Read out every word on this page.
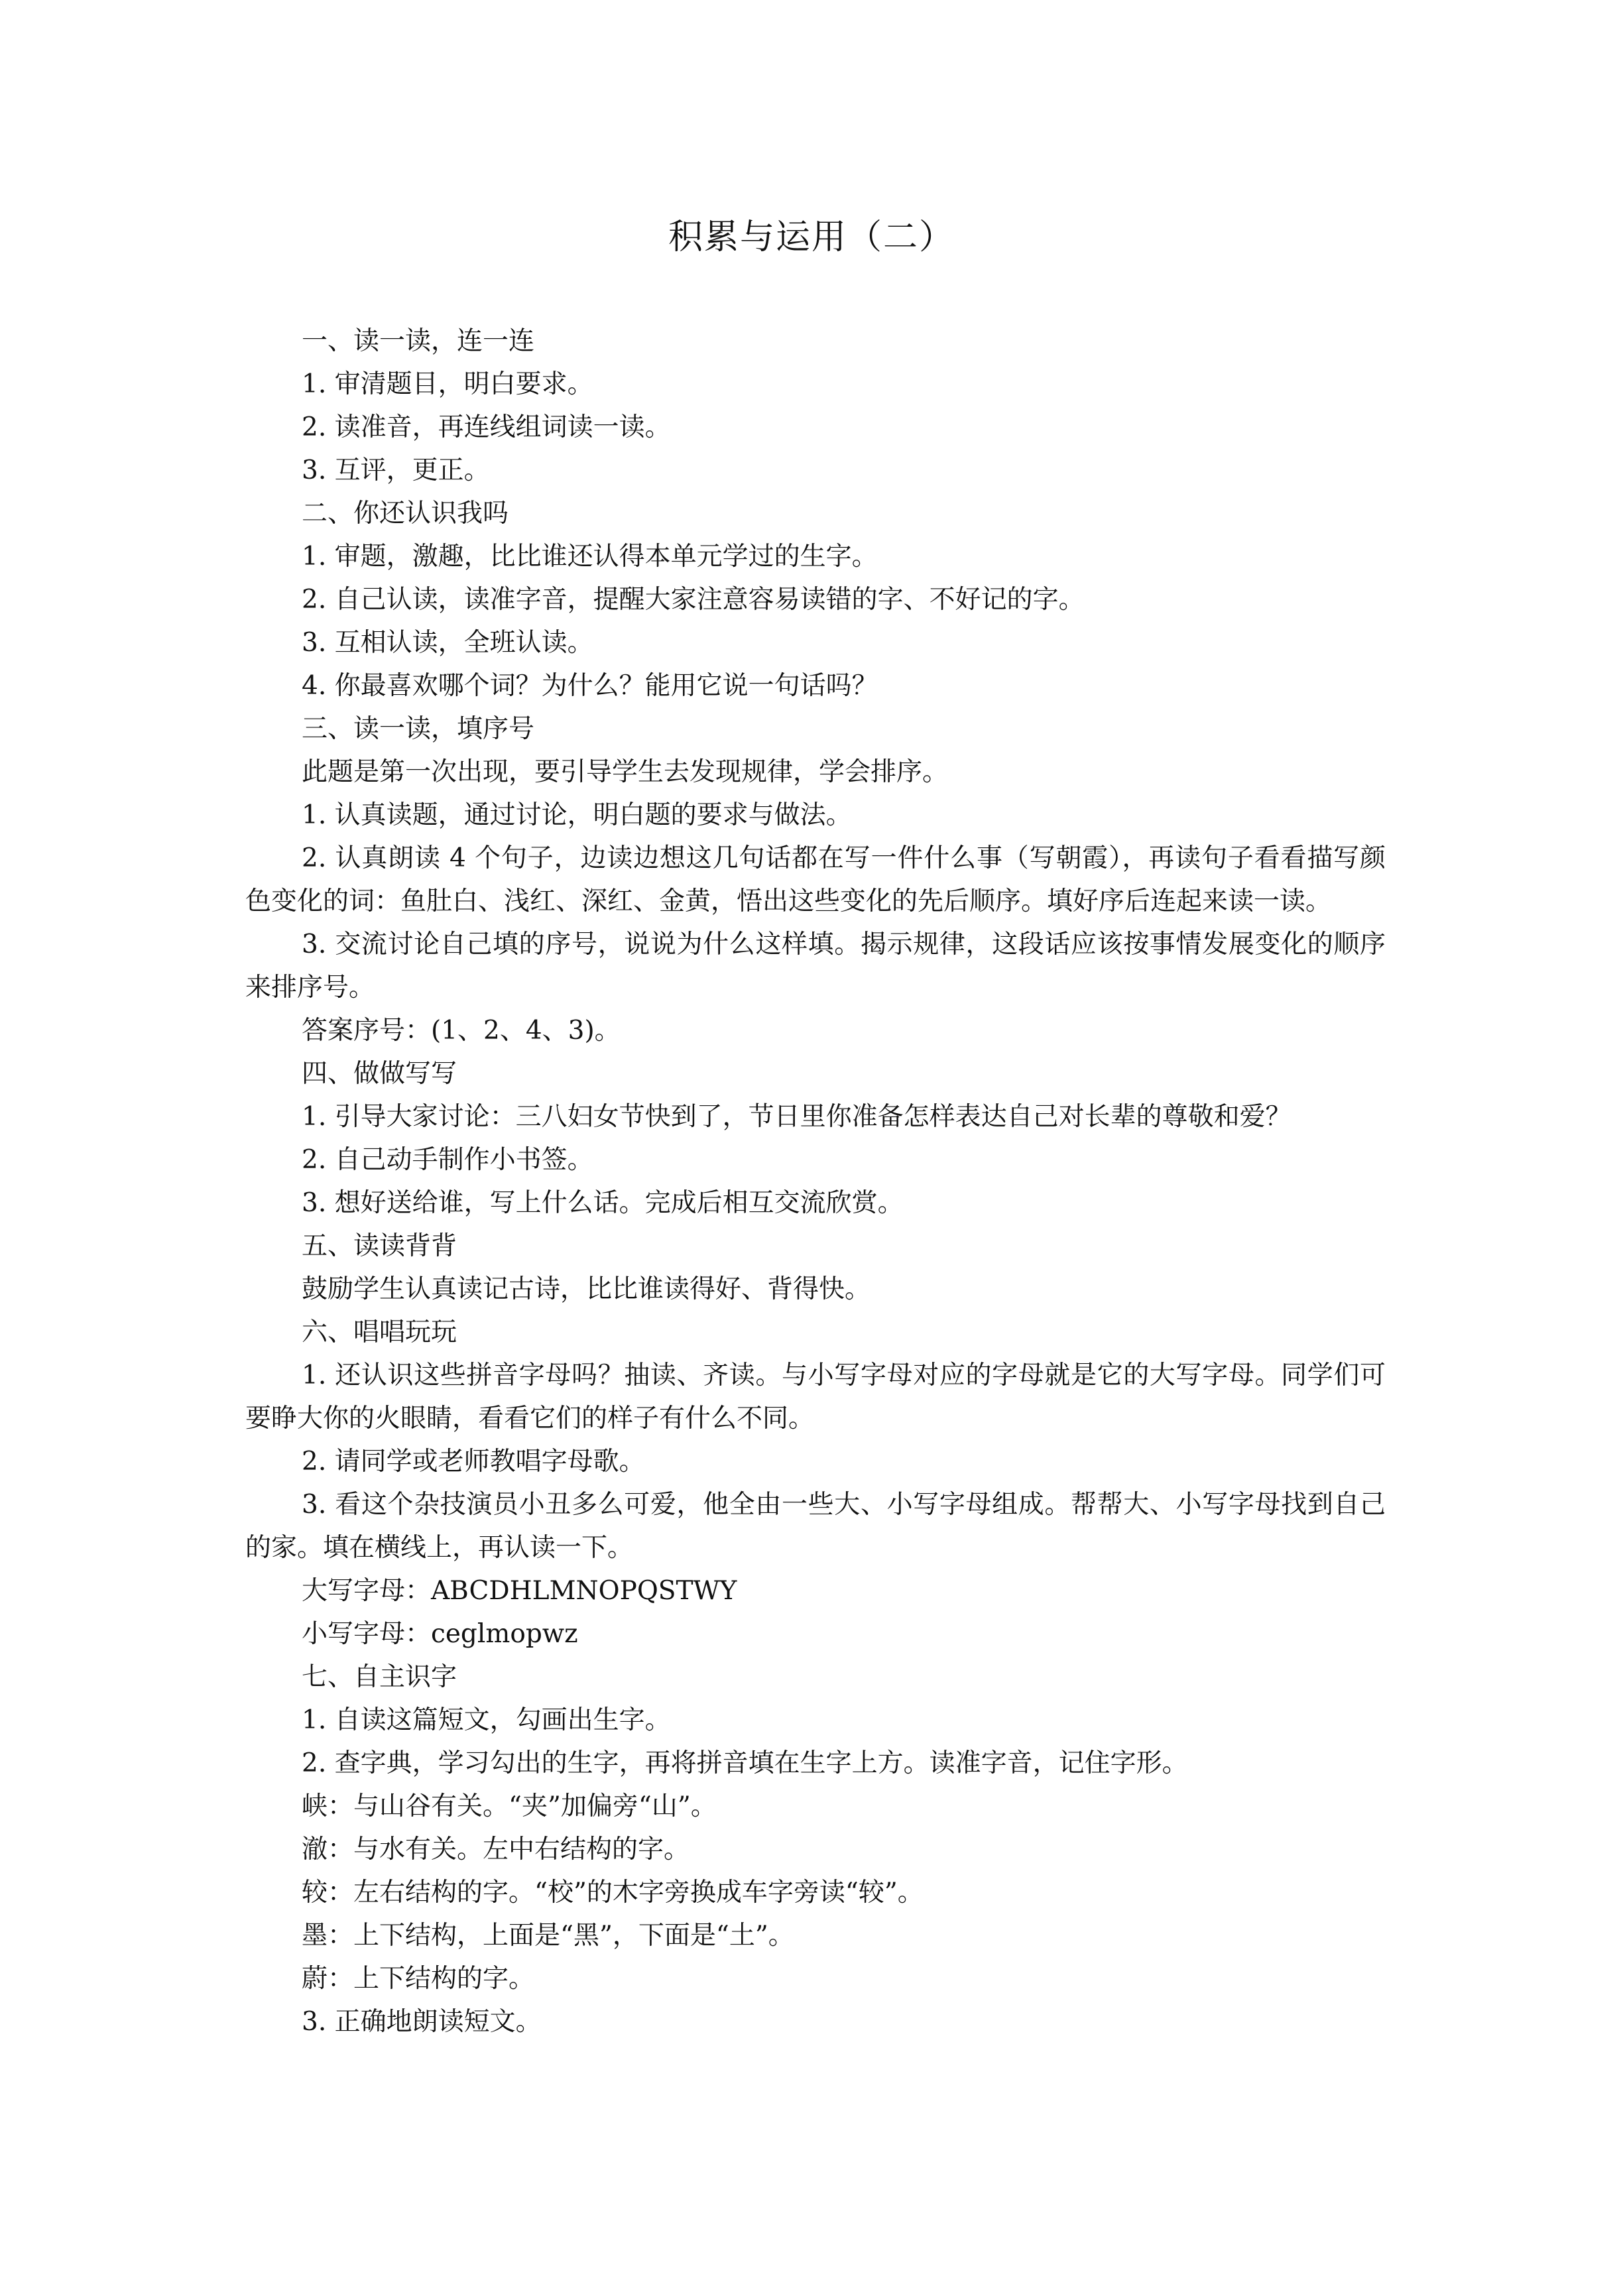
积累与运用（二）

一、读一读，连一连

1. 审清题目，明白要求。

2. 读准音，再连线组词读一读。

3. 互评，更正。

二、你还认识我吗

1. 审题，激趣，比比谁还认得本单元学过的生字。

2. 自己认读，读准字音，提醒大家注意容易读错的字、不好记的字。

3. 互相认读，全班认读。

4. 你最喜欢哪个词？为什么？能用它说一句话吗？

三、读一读，填序号

此题是第一次出现，要引导学生去发现规律，学会排序。

1. 认真读题，通过讨论，明白题的要求与做法。

2. 认真朗读 4 个句子，边读边想这几句话都在写一件什么事（写朝霞），再读句子看看描写颜色变化的词：鱼肚白、浅红、深红、金黄，悟出这些变化的先后顺序。填好序后连起来读一读。

3. 交流讨论自己填的序号，说说为什么这样填。揭示规律，这段话应该按事情发展变化的顺序来排序号。

答案序号：(1、2、4、3)。

四、做做写写

1. 引导大家讨论：三八妇女节快到了，节日里你准备怎样表达自己对长辈的尊敬和爱？

2. 自己动手制作小书签。

3. 想好送给谁，写上什么话。完成后相互交流欣赏。

五、读读背背

鼓励学生认真读记古诗，比比谁读得好、背得快。

六、唱唱玩玩

1. 还认识这些拼音字母吗？抽读、齐读。与小写字母对应的字母就是它的大写字母。同学们可要睁大你的火眼睛，看看它们的样子有什么不同。

2. 请同学或老师教唱字母歌。

3. 看这个杂技演员小丑多么可爱，他全由一些大、小写字母组成。帮帮大、小写字母找到自己的家。填在横线上，再认读一下。

大写字母：ABCDHLMNOPQSTWY

小写字母：ceglmopwz

七、自主识字

1. 自读这篇短文，勾画出生字。

2. 查字典，学习勾出的生字，再将拼音填在生字上方。读准字音，记住字形。

峡：与山谷有关。“夹”加偏旁“山”。

澈：与水有关。左中右结构的字。

较：左右结构的字。“校”的木字旁换成车字旁读“较”。

墨：上下结构，上面是“黑”，下面是“土”。

蔚：上下结构的字。

3. 正确地朗读短文。
